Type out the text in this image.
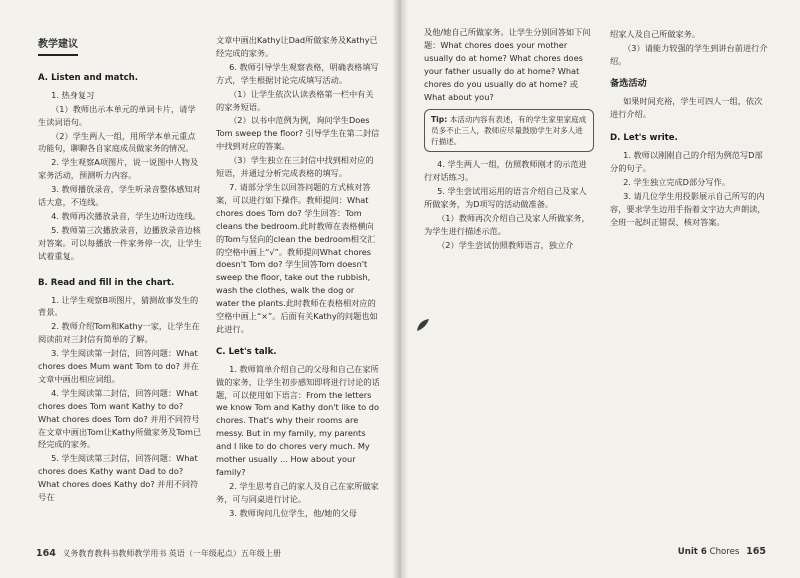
教学建议
A. Listen and match.

1. 热身复习

（1）教师出示本单元的单词卡片，请学生读词语句。

（2）学生两人一组，用所学本单元重点功能句，聊聊各自家庭成员做家务的情况。

2. 学生观察A项图片，说一说图中人物及家务活动，预测听力内容。

3. 教师播放录音，学生听录音整体感知对话大意，不连线。

4. 教师再次播放录音，学生边听边连线。

5. 教师第三次播放录音，边播放录音边核对答案。可以每播放一件家务停一次，让学生试着重复。

B. Read and fill in the chart.

1. 让学生观察B项图片，猜测故事发生的背景。

2. 教师介绍Tom和Kathy一家，让学生在阅读前对三封信有简单的了解。

3. 学生阅读第一封信，回答问题：What chores does Mum want Tom to do? 并在文章中画出相应词组。

4. 学生阅读第二封信，回答问题：What chores does Tom want Kathy to do? What chores does Tom do? 并用不同符号在文章中画出Tom让Kathy所做家务及Tom已经完成的家务。

5. 学生阅读第三封信，回答问题：What chores does Kathy want Dad to do? What chores does Kathy do? 并用不同符号在

文章中画出Kathy让Dad所做家务及Kathy已经完成的家务。

6. 教师引导学生观察表格，明确表格填写方式，学生根据讨论完成填写活动。

（1）让学生依次认读表格第一栏中有关的家务短语。

（2）以书中范例为例，询问学生Does Tom sweep the floor? 引导学生在第二封信中找到对应的答案。

（3）学生独立在三封信中找到相对应的短语，并通过分析完成表格的填写。

7. 请部分学生以回答问题的方式核对答案，可以进行如下操作。教师提问：What chores does Tom do? 学生回答：Tom cleans the bedroom.此时教师在表格横向的Tom与竖向的clean the bedroom相交汇的空格中画上“√”。教师提问What chores doesn't Tom do? 学生回答Tom doesn't sweep the floor, take out the rubbish, wash the clothes, walk the dog or water the plants.此时教师在表格相对应的空格中画上“×”。后面有关Kathy的问题也如此进行。

C. Let's talk.

1. 教师简单介绍自己的父母和自己在家所做的家务，让学生初步感知即将进行讨论的话题，可以使用如下语言：From the letters we know Tom and Kathy don't like to do chores. That's why their rooms are messy. But in my family, my parents and I like to do chores very much. My mother usually ... How about your family?

2. 学生思考自己的家人及自己在家所做家务，可与同桌进行讨论。

3. 教师询问几位学生，他/她的父母

164 义务教育教科书教师教学用书 英语（一年级起点）五年级上册

及他/她自己所做家务。让学生分别回答如下问题：What chores does your mother usually do at home? What chores does your father usually do at home? What chores do you usually do at home? 或 What about you?

Tip: 本活动内容有表述，有的学生家里家庭成员多不止三人，教师应尽量鼓励学生对多人进行描述。

4. 学生两人一组，仿照教师刚才的示范进行对话练习。

5. 学生尝试用运用的语言介绍自己及家人所做家务，为D项写的活动做准备。

（1）教师再次介绍自己及家人所做家务，为学生进行描述示范。

（2）学生尝试仿照教师语言，独立介

绍家人及自己所做家务。

（3）请能力较强的学生到讲台前进行介绍。

备选活动

如果时间充裕，学生可四人一组，依次进行介绍。

D. Let's write.

1. 教师以刚刚自己的介绍为例范写D部分的句子。

2. 学生独立完成D部分写作。

3. 请几位学生用投影展示自己所写的内容，要求学生边用手指着文字边大声朗读，全班一起纠正错误、核对答案。

Unit 6 Chores 165
